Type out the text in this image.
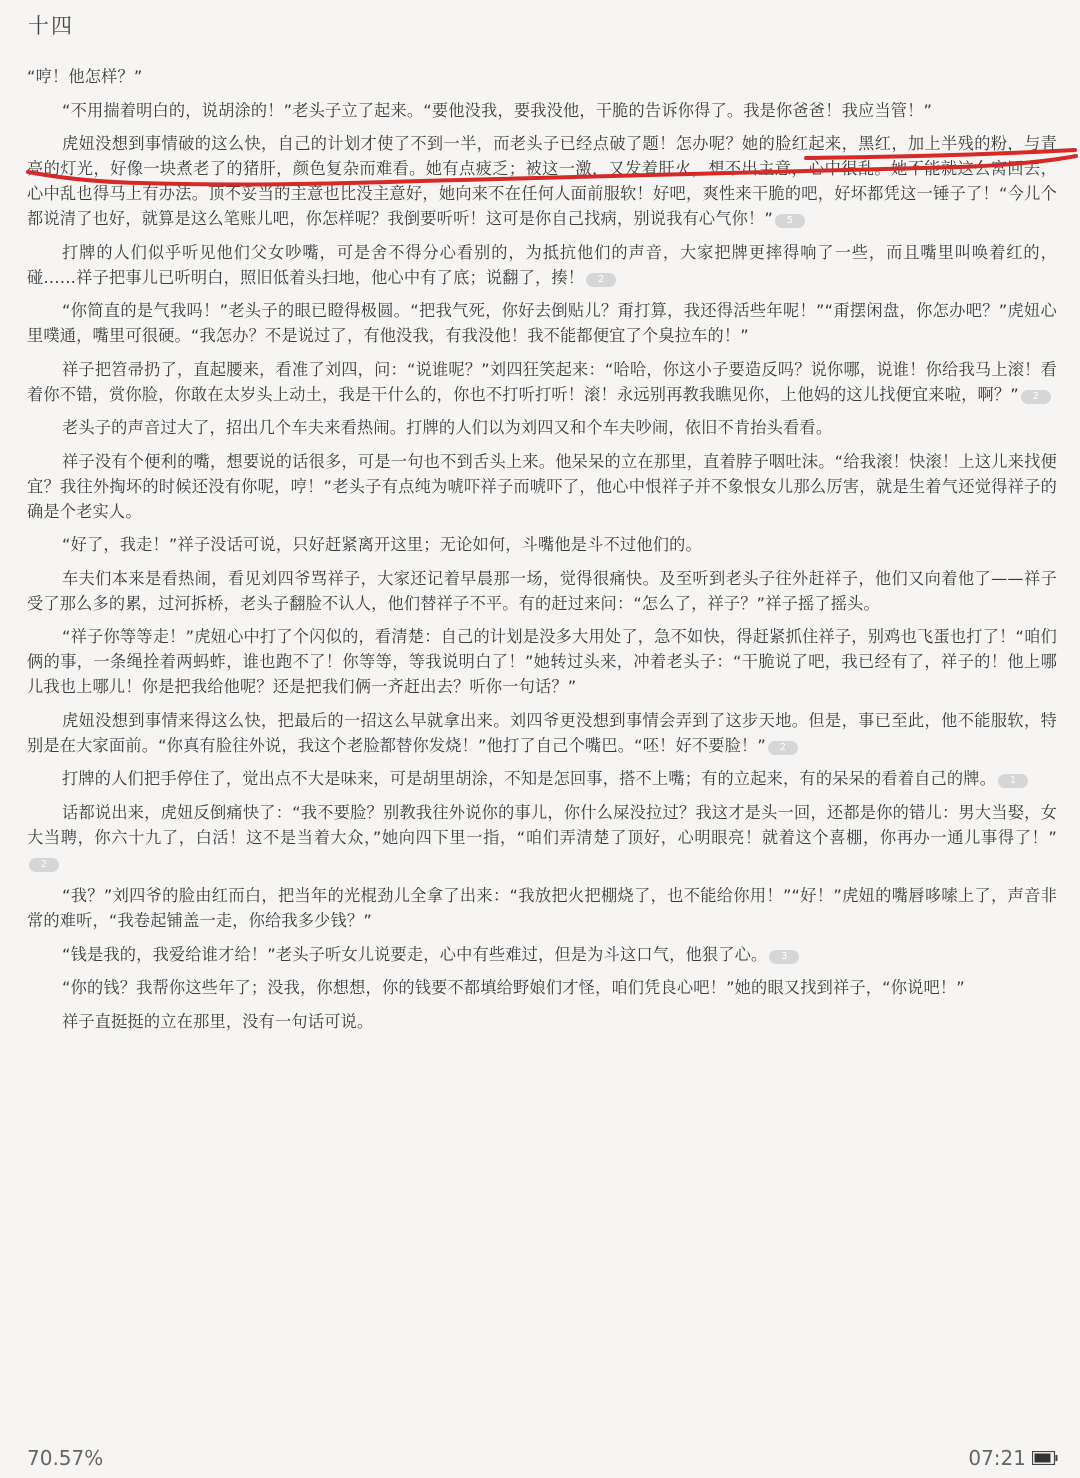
十四

“哼！他怎样？”

“不用揣着明白的，说胡涂的！”老头子立了起来。“要他没我，要我没他，干脆的告诉你得了。我是你爸爸！我应当管！”

虎妞没想到事情破的这么快，自己的计划才使了不到一半，而老头子已经点破了题！怎办呢？她的脸红起来，黑红，加上半残的粉，与青亮的灯光，好像一块煮老了的猪肝，颜色复杂而难看。她有点疲乏；被这一激，又发着肝火，想不出主意，心中很乱。她不能就这么窝回去，心中乱也得马上有办法。顶不妥当的主意也比没主意好，她向来不在任何人面前服软！好吧，爽性来干脆的吧，好坏都凭这一锤子了！“今儿个都说清了也好，就算是这么笔账儿吧，你怎样呢？我倒要听听！这可是你自己找病，别说我有心气你！” 5

打牌的人们似乎听见他们父女吵嘴，可是舍不得分心看别的，为抵抗他们的声音，大家把牌更摔得响了一些，而且嘴里叫唤着红的，碰……祥子把事儿已听明白，照旧低着头扫地，他心中有了底；说翻了，揍！ 2

“你简直的是气我吗！”老头子的眼已瞪得极圆。“把我气死，你好去倒贴儿？甭打算，我还得活些年呢！”“甭摆闲盘，你怎办吧？”虎妞心里噗通，嘴里可很硬。“我怎办？不是说过了，有他没我，有我没他！我不能都便宜了个臭拉车的！”

祥子把笤帚扔了，直起腰来，看准了刘四，问：“说谁呢？”刘四狂笑起来：“哈哈，你这小子要造反吗？说你哪，说谁！你给我马上滚！看着你不错，赏你脸，你敢在太岁头上动土，我是干什么的，你也不打听打听！滚！永远别再教我瞧见你，上他妈的这儿找便宜来啦，啊？” 2

老头子的声音过大了，招出几个车夫来看热闹。打牌的人们以为刘四又和个车夫吵闹，依旧不肯抬头看看。

祥子没有个便利的嘴，想要说的话很多，可是一句也不到舌头上来。他呆呆的立在那里，直着脖子咽吐沫。“给我滚！快滚！上这儿来找便宜？我往外掏坏的时候还没有你呢，哼！”老头子有点纯为唬吓祥子而唬吓了，他心中恨祥子并不象恨女儿那么厉害，就是生着气还觉得祥子的确是个老实人。

“好了，我走！”祥子没话可说，只好赶紧离开这里；无论如何，斗嘴他是斗不过他们的。

车夫们本来是看热闹，看见刘四爷骂祥子，大家还记着早晨那一场，觉得很痛快。及至听到老头子往外赶祥子，他们又向着他了——祥子受了那么多的累，过河拆桥，老头子翻脸不认人，他们替祥子不平。有的赶过来问：“怎么了，祥子？”祥子摇了摇头。

“祥子你等等走！”虎妞心中打了个闪似的，看清楚：自己的计划是没多大用处了，急不如快，得赶紧抓住祥子，别鸡也飞蛋也打了！“咱们俩的事，一条绳拴着两蚂蚱，谁也跑不了！你等等，等我说明白了！”她转过头来，冲着老头子：“干脆说了吧，我已经有了，祥子的！他上哪儿我也上哪儿！你是把我给他呢？还是把我们俩一齐赶出去？听你一句话？”

虎妞没想到事情来得这么快，把最后的一招这么早就拿出来。刘四爷更没想到事情会弄到了这步天地。但是，事已至此，他不能服软，特别是在大家面前。“你真有脸往外说，我这个老脸都替你发烧！”他打了自己个嘴巴。“呸！好不要脸！” 2

打牌的人们把手停住了，觉出点不大是味来，可是胡里胡涂，不知是怎回事，搭不上嘴；有的立起来，有的呆呆的看着自己的牌。 1

话都说出来，虎妞反倒痛快了：“我不要脸？别教我往外说你的事儿，你什么屎没拉过？我这才是头一回，还都是你的错儿：男大当娶，女大当聘，你六十九了，白活！这不是当着大众，”她向四下里一指，“咱们弄清楚了顶好，心明眼亮！就着这个喜棚，你再办一通儿事得了！”2

“我？”刘四爷的脸由红而白，把当年的光棍劲儿全拿了出来：“我放把火把棚烧了，也不能给你用！”“好！”虎妞的嘴唇哆嗦上了，声音非常的难听，“我卷起铺盖一走，你给我多少钱？”

“钱是我的，我爱给谁才给！”老头子听女儿说要走，心中有些难过，但是为斗这口气，他狠了心。 3

“你的钱？我帮你这些年了；没我，你想想，你的钱要不都填给野娘们才怪，咱们凭良心吧！”她的眼又找到祥子，“你说吧！”

祥子直挺挺的立在那里，没有一句话可说。

70.57%	07:21
